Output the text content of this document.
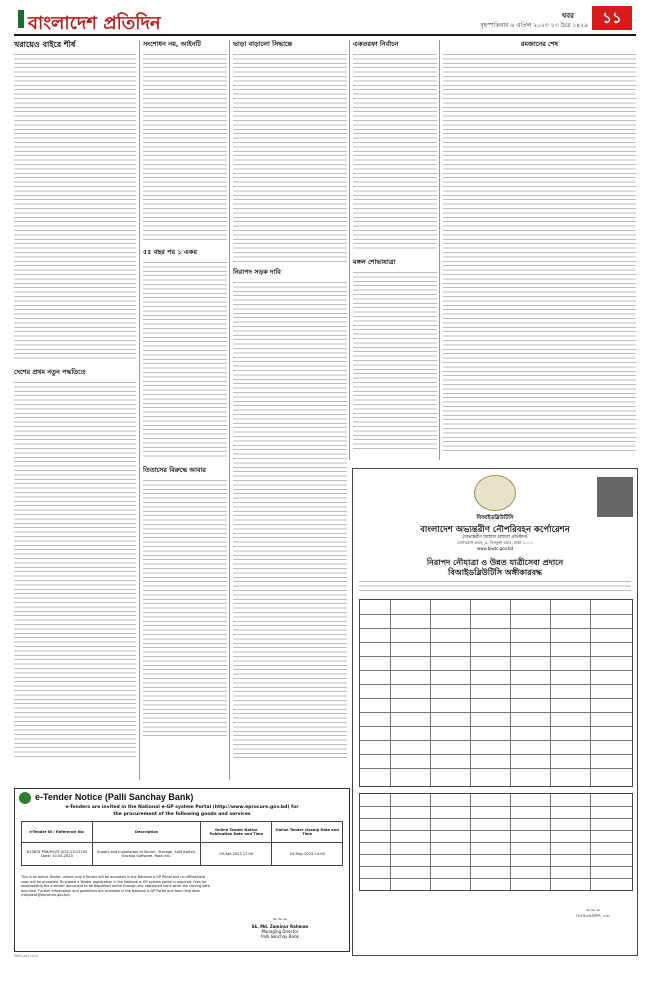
বাংলাদেশ প্রতিদিন	খবর
বৃহস্পতিবার ৬ এপ্রিল ২০২৩ ২৩ চৈত্র ১৪২৯ ১১
খরায়েও বাইরে শীর্ষ
দেশের প্রথম নতুন পদ্ধতিতে
সংশোধন নয়, আইনটি
৫৫ বছর পর ১ একর
তিতাসের বিরুদ্ধে আবার
ভাড়া বাড়ালো সিদ্ধান্তে
নিরাপদ সড়ক দাবি
একতরফা নির্বাচন
মঙ্গল শোভাযাত্রা
রমজানের শেষ
e-Tender Notice (Palli Sanchay Bank)
e-Tenders are invited in the National e-GP system Portal (http://www.eprocure.gov.bd) for
the procurement of the following goods and services
e-Tender ID / Reference No:	Description	Online Tender Notice Publication Date and Time	Online Tender closing Date and Time
813876 PSB/HO/IT-4/22-23/12150 Date: 10.04.2023	Supply and installation of Server, Storage, SAN Switch, Backup Software, Rack etc.	05-Apr-2023 17:00	03-May-2023 14:00
This is an online Tender, where only e-Tender will be accepted in the National e-GP Portal and no offline/hard copy will be accepted. To submit e-Tender registration in the National e-GP system portal is required. Fees for downloading the e-tender document to be deposited online through any registered bank while the closing date and time. Further information and guidelines are available in the National e-GP Portal and from help desk (helpdesk@eprocure.gov.bd)
~~~
Sk. Md. Zaminur Rahman
Managing Director
Palli Sanchay Bank
জিডি-৩৫৫২/২৩
বিআইডব্লিউটিসি
বাংলাদেশ অভ্যন্তরীণ নৌপরিবহন কর্পোরেশন
(অভ্যন্তরীণ জাহাজ চলাচল প্রতিষ্ঠান)
যোগাযোগ ভবন, ৫, দিলকুশা বা/এ, ঢাকা-১০০০
www.biwtc.gov.bd
নিরাপদ নৌযাত্রা ও উন্নত যাত্রীসেবা প্রদানে
বিআইডব্লিউটিসি অঙ্গীকারবদ্ধ
~~~
বিআইডব্লিউটিসি, ঢাকা
